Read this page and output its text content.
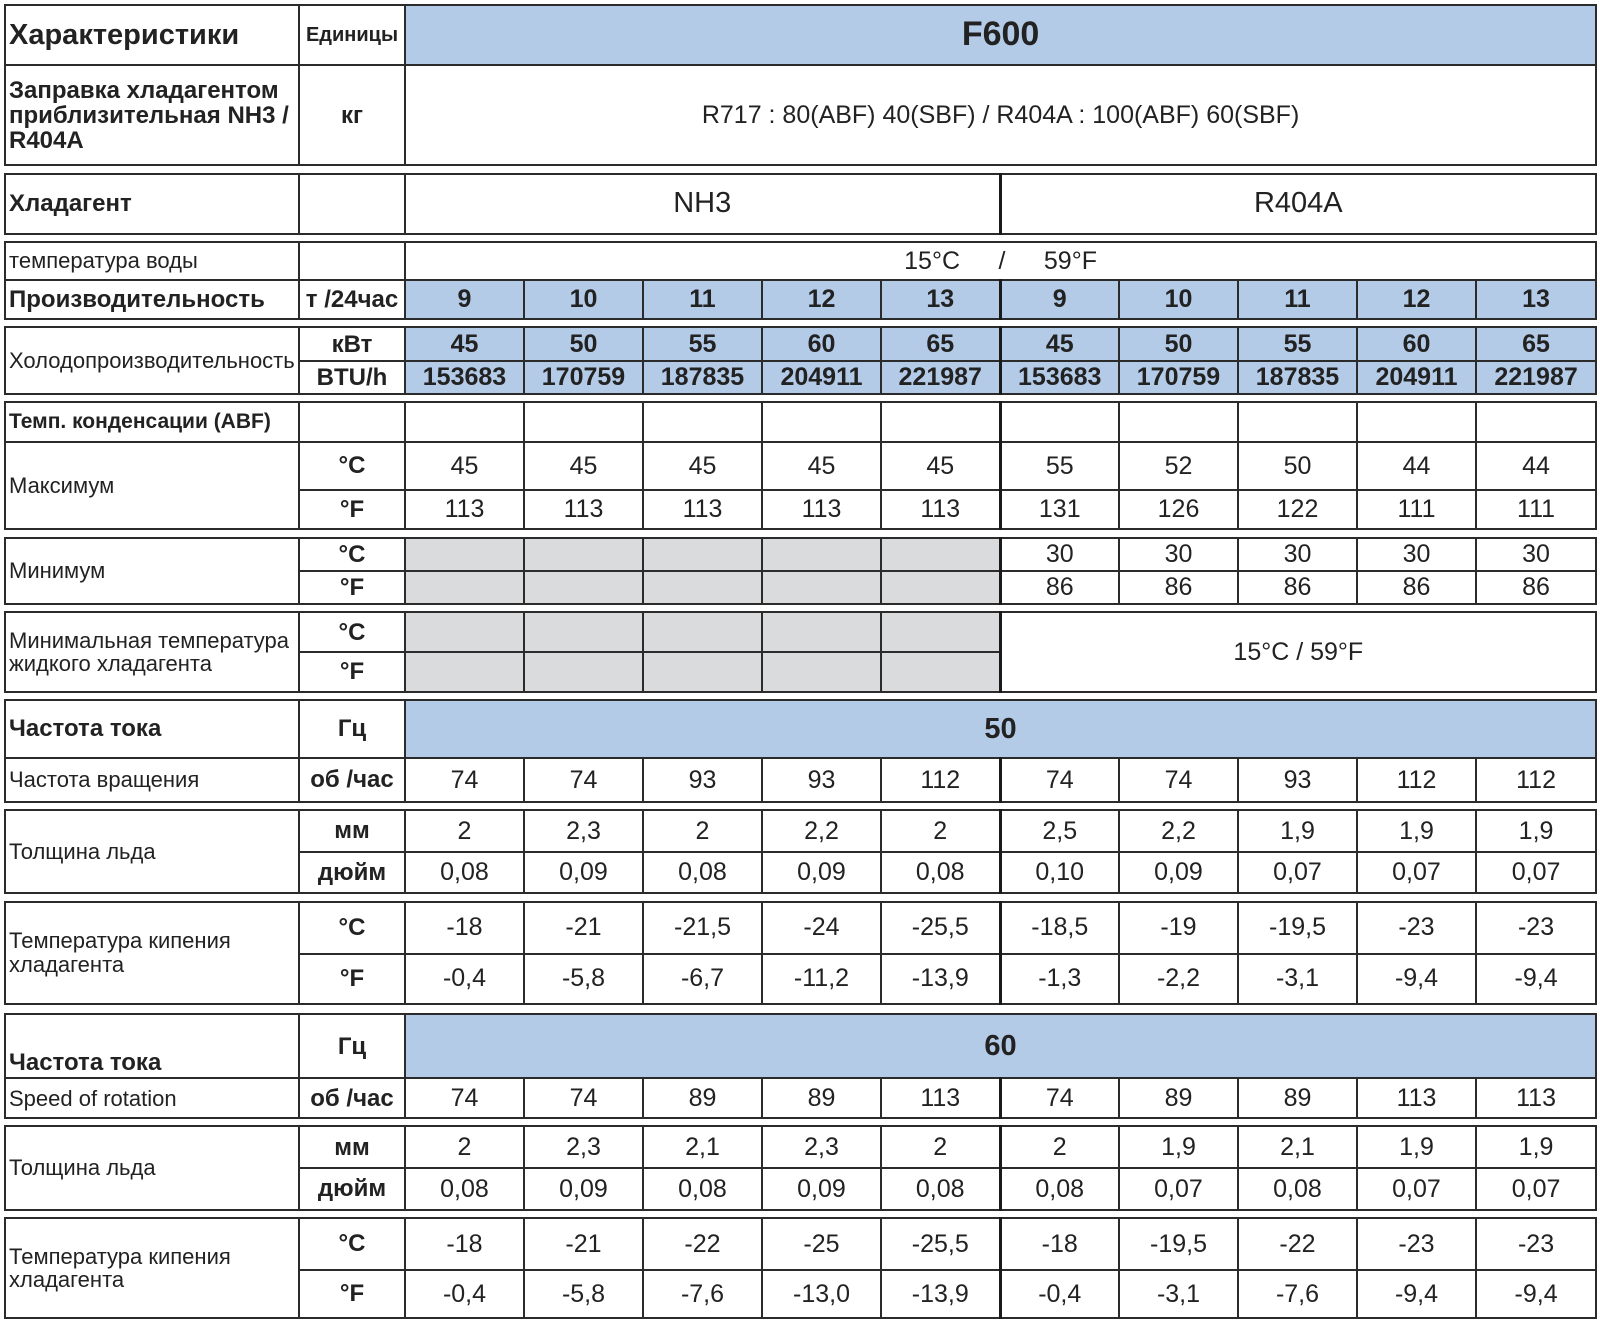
Характеристики	Единицы	F600									
Заправка хладагентом приблизительная NH3 / R404A	кг	R717 : 80(ABF) 40(SBF) / R404A : 100(ABF) 60(SBF)									

Хладагент		NH3					R404A				

температура воды		15°C / 59°F									
Производительность	т /24час	9	10	11	12	13	9	10	11	12	13

Холодопроизводительность	кВт	45	50	55	60	65	45	50	55	60	65
	BTU/h	153683	170759	187835	204911	221987	153683	170759	187835	204911	221987

Темп. конденсации (ABF)											
Максимум	°C	45	45	45	45	45	55	52	50	44	44
	°F	113	113	113	113	113	131	126	122	111	111

Минимум	°C						30	30	30	30	30
	°F						86	86	86	86	86

Минимальная температура жидкого хладагента	°C						15°C / 59°F				
	°F										

Частота тока	Гц	50									
Частота вращения	об /час	74	74	93	93	112	74	74	93	112	112

Толщина льда	мм	2	2,3	2	2,2	2	2,5	2,2	1,9	1,9	1,9
	дюйм	0,08	0,09	0,08	0,09	0,08	0,10	0,09	0,07	0,07	0,07

Температура кипения хладагента	°C	-18	-21	-21,5	-24	-25,5	-18,5	-19	-19,5	-23	-23
	°F	-0,4	-5,8	-6,7	-11,2	-13,9	-1,3	-2,2	-3,1	-9,4	-9,4

Частота тока	Гц	60									
Speed of rotation	об /час	74	74	89	89	113	74	89	89	113	113

Толщина льда	мм	2	2,3	2,1	2,3	2	2	1,9	2,1	1,9	1,9
	дюйм	0,08	0,09	0,08	0,09	0,08	0,08	0,07	0,08	0,07	0,07

Температура кипения хладагента	°C	-18	-21	-22	-25	-25,5	-18	-19,5	-22	-23	-23
	°F	-0,4	-5,8	-7,6	-13,0	-13,9	-0,4	-3,1	-7,6	-9,4	-9,4
